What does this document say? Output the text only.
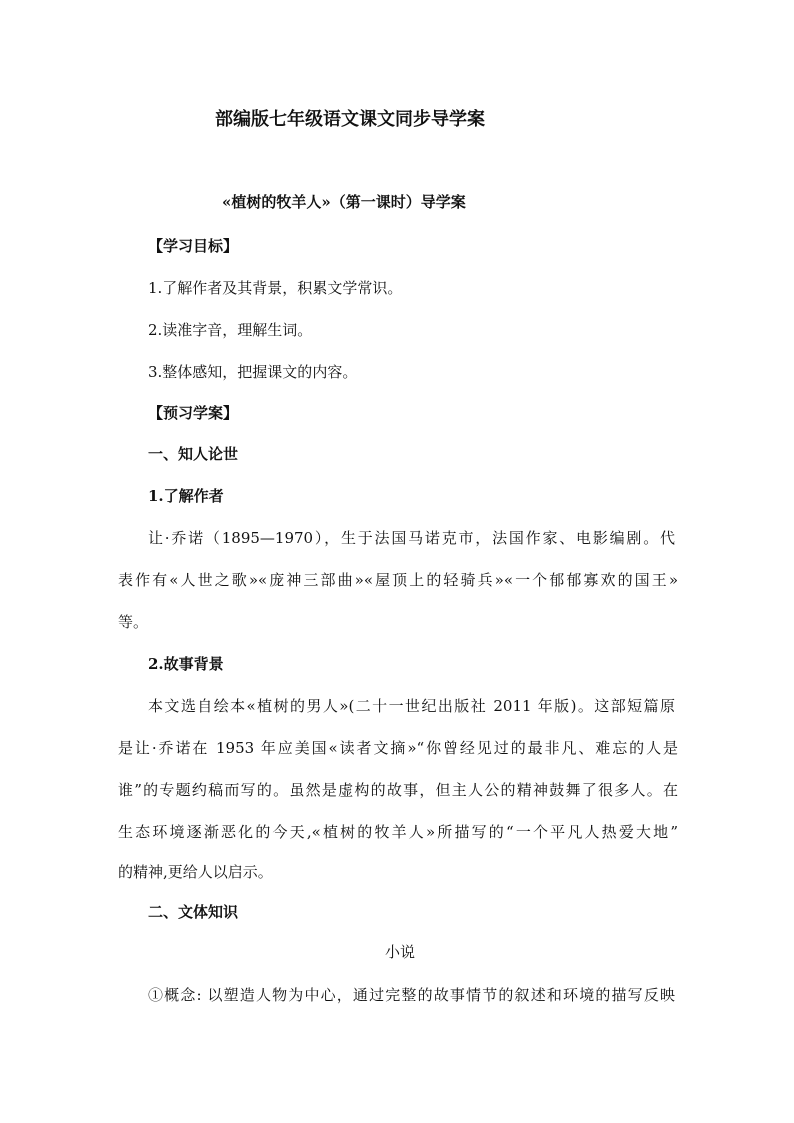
部编版七年级语文课文同步导学案
«植树的牧羊人»（第一课时）导学案
【学习目标】
1.了解作者及其背景，积累文学常识。
2.读准字音，理解生词。
3.整体感知，把握课文的内容。
【预习学案】
一、知人论世
1.了解作者
让·乔诺（1895—1970），生于法国马诺克市，法国作家、电影编剧。代
表作有«人世之歌»«庞神三部曲»«屋顶上的轻骑兵»«一个郁郁寡欢的国王»
等。
2.故事背景
本文选自绘本«植树的男人»(二十一世纪出版社 2011 年版)。这部短篇原
是让·乔诺在 1953 年应美国«读者文摘»“你曾经见过的最非凡、难忘的人是
谁”的专题约稿而写的。虽然是虚构的故事，但主人公的精神鼓舞了很多人。在
生态环境逐渐恶化的今天,«植树的牧羊人»所描写的“一个平凡人热爱大地”
的精神,更给人以启示。
二、文体知识
小说
①概念: 以塑造人物为中心，通过完整的故事情节的叙述和环境的描写反映
